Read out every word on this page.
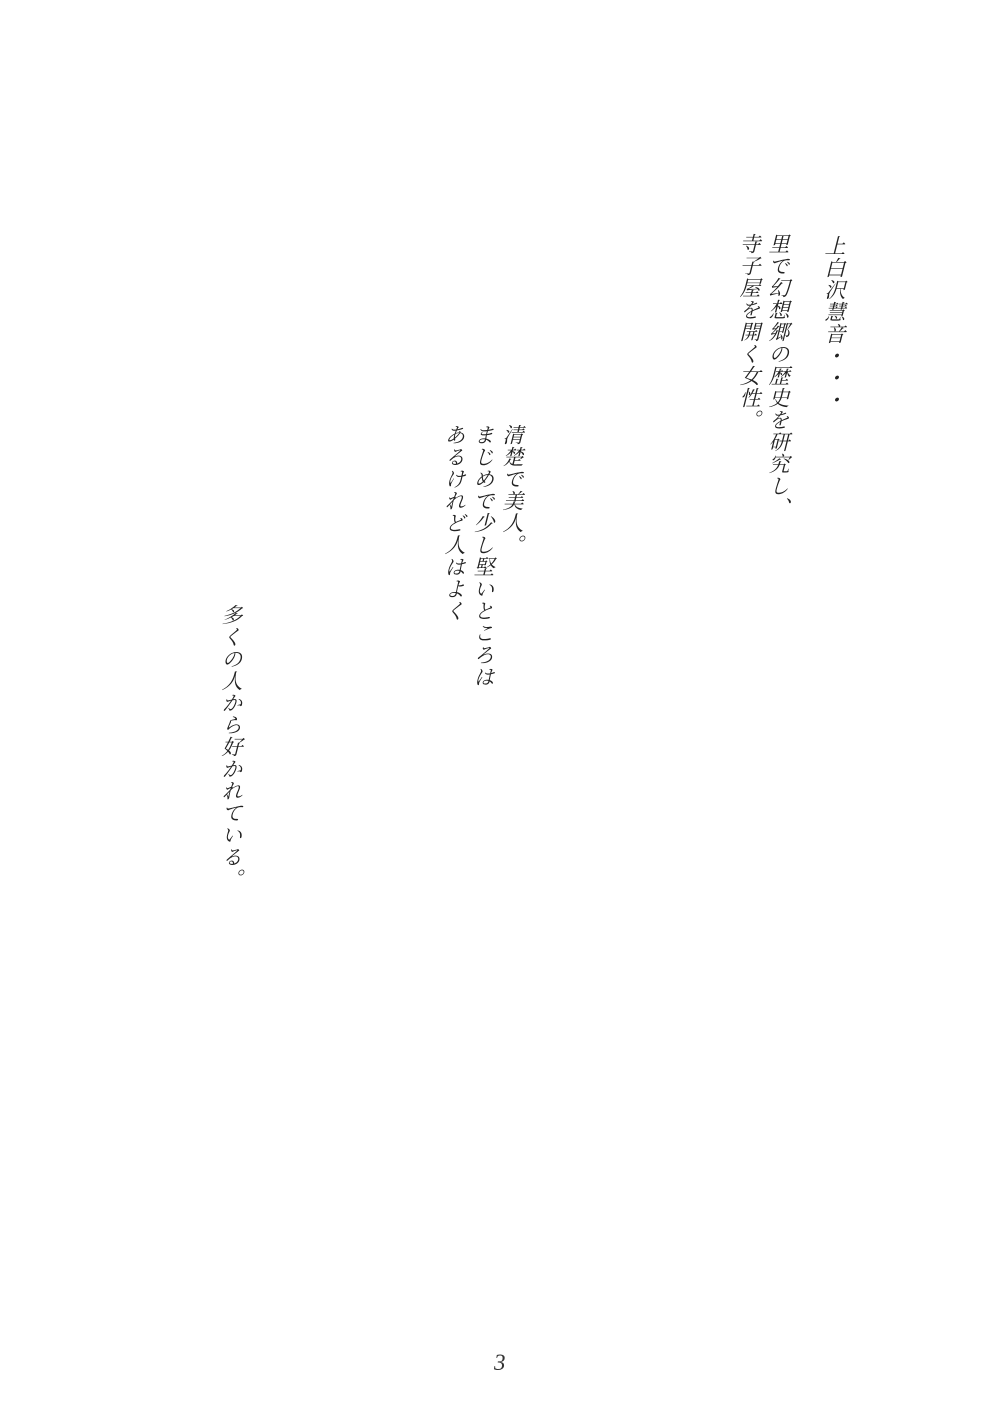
上白沢慧音・・・
里で幻想郷の歴史を研究し、
寺子屋を開く女性。
清楚で美人。
まじめで少し堅いところは
あるけれど人はよく
多くの人から好かれている。
3
